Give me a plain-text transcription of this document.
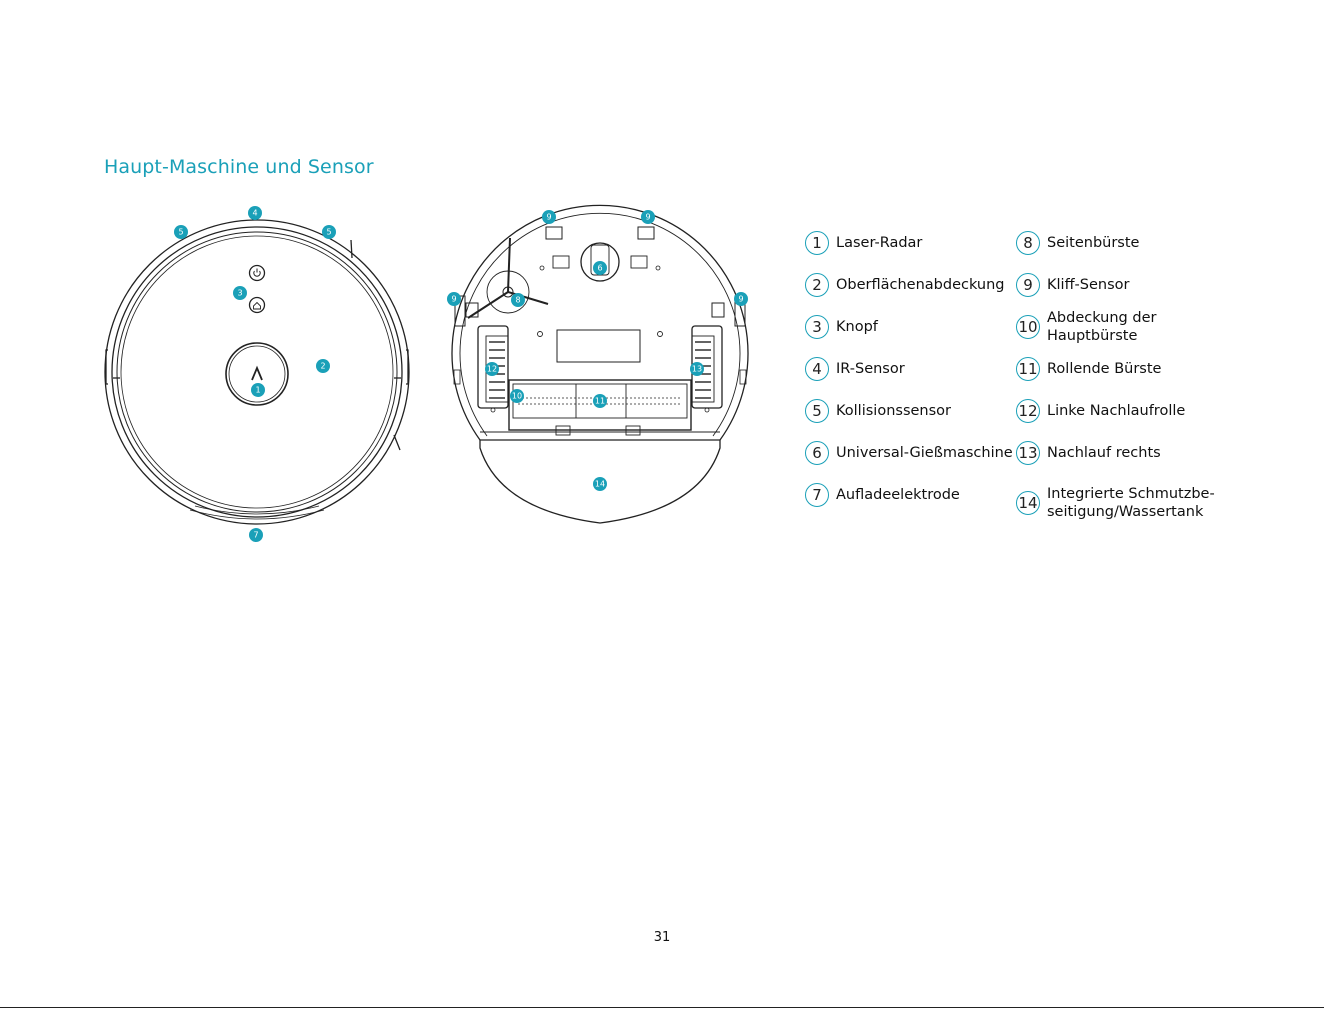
Haupt-Maschine und Sensor
4
5	5
3
2
1
7
9	9
9	9
6
8
12	13
10
11
14
1 Laser-Radar
2 Oberflächenabdeckung
3 Knopf
4 IR-Sensor
5 Kollisionssensor
6 Universal-Gießmaschine
7 Aufladeelektrode
8 Seitenbürste
9 Kliff-Sensor
10 Abdeckung der Hauptbürste
11 Rollende Bürste
12 Linke Nachlaufrolle
13 Nachlauf rechts
14 Integrierte Schmutzbe-seitigung/Wassertank
31
